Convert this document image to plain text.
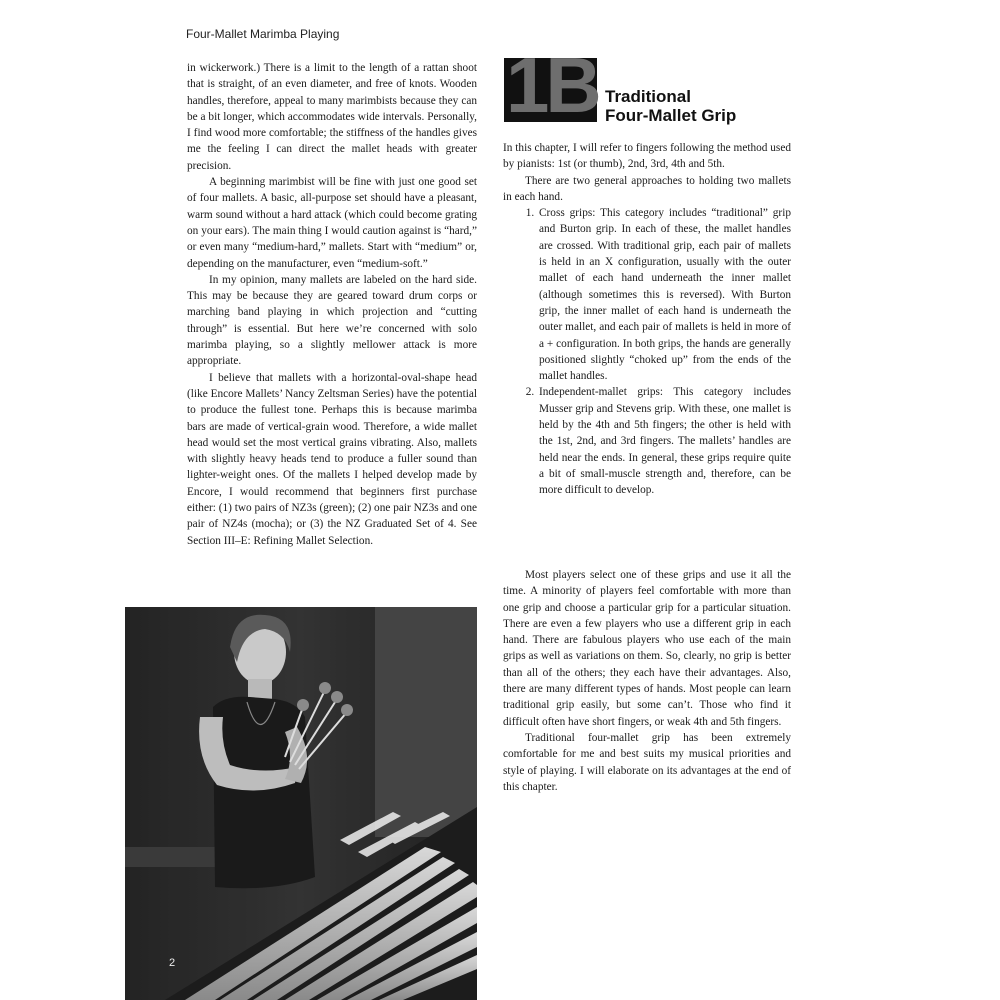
Four-Mallet Marimba Playing

in wickerwork.) There is a limit to the length of a rattan shoot that is straight, of an even diameter, and free of knots. Wooden handles, therefore, appeal to many marimbists because they can be a bit longer, which accommodates wide intervals. Personally, I find wood more comfortable; the stiffness of the handles gives me the feeling I can direct the mallet heads with greater precision.

A beginning marimbist will be fine with just one good set of four mallets. A basic, all-purpose set should have a pleasant, warm sound without a hard attack (which could become grating on your ears). The main thing I would caution against is “hard,” or even many “medium-hard,” mallets. Start with “medium” or, depending on the manufacturer, even “medium-soft.”

In my opinion, many mallets are labeled on the hard side. This may be because they are geared toward drum corps or marching band playing in which projection and “cutting through” is essential. But here we’re concerned with solo marimba playing, so a slightly mellower attack is more appropriate.

I believe that mallets with a horizontal-oval-shape head (like Encore Mallets’ Nancy Zeltsman Series) have the potential to produce the fullest tone. Perhaps this is because marimba bars are made of vertical-grain wood. Therefore, a wide mallet head would set the most vertical grains vibrating. Also, mallets with slightly heavy heads tend to produce a fuller sound than lighter-weight ones. Of the mallets I helped develop made by Encore, I would recommend that beginners first purchase either: (1) two pairs of NZ3s (green); (2) one pair NZ3s and one pair of NZ4s (mocha); or (3) the NZ Graduated Set of 4. See Section III–E: Refining Mallet Selection.

1B Traditional
Four-Mallet Grip

In this chapter, I will refer to fingers following the method used by pianists: 1st (or thumb), 2nd, 3rd, 4th and 5th.

There are two general approaches to holding two mallets in each hand.

1. Cross grips: This category includes “traditional” grip and Burton grip. In each of these, the mallet handles are crossed. With traditional grip, each pair of mallets is held in an X configuration, usually with the outer mallet of each hand underneath the inner mallet (although sometimes this is reversed). With Burton grip, the inner mallet of each hand is underneath the outer mallet, and each pair of mallets is held in more of a + configuration. In both grips, the hands are generally positioned slightly “choked up” from the ends of the mallet handles.
2. Independent-mallet grips: This category includes Musser grip and Stevens grip. With these, one mallet is held by the 4th and 5th fingers; the other is held with the 1st, 2nd, and 3rd fingers. The mallets’ handles are held near the ends. In general, these grips require quite a bit of small-muscle strength and, therefore, can be more difficult to develop.

Most players select one of these grips and use it all the time. A minority of players feel comfortable with more than one grip and choose a particular grip for a particular situation. There are even a few players who use a different grip in each hand. There are fabulous players who use each of the main grips as well as variations on them. So, clearly, no grip is better than all of the others; they each have their advantages. Also, there are many different types of hands. Most people can learn traditional grip easily, but some can’t. Those who find it difficult often have short fingers, or weak 4th and 5th fingers.

Traditional four-mallet grip has been extremely comfortable for me and best suits my musical priorities and style of playing. I will elaborate on its advantages at the end of this chapter.

2
